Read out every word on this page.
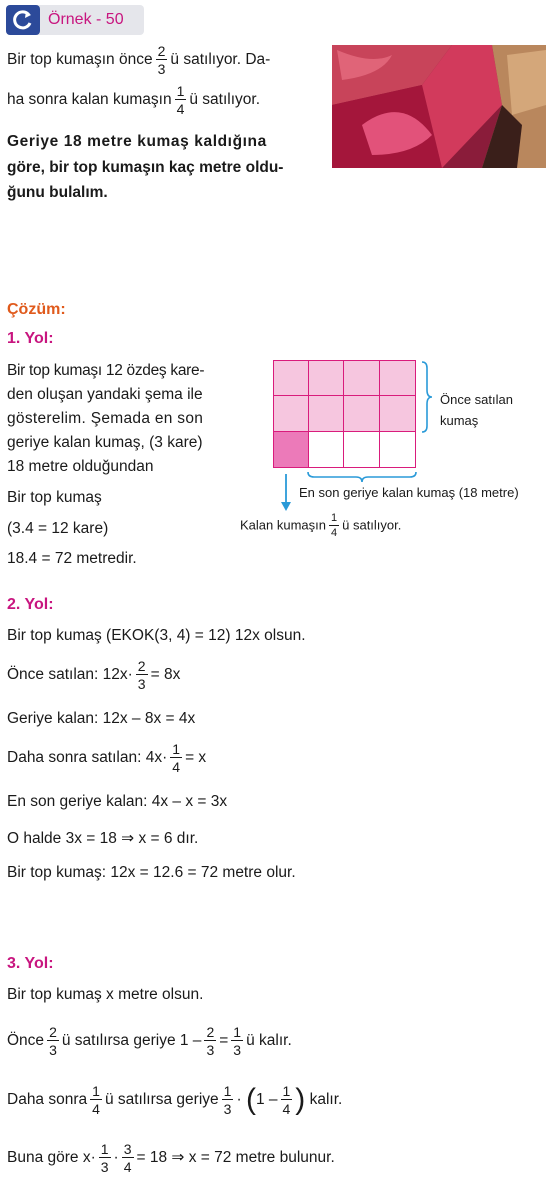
Örnek - 50
Bir top kumaşın önce $\frac{2}{3}$ ü satılıyor. Da-
ha sonra kalan kumaşın $\frac{1}{4}$ ü satılıyor.
Geriye 18 metre kumaş kaldığına
göre, bir top kumaşın kaç metre oldu-
ğunu bulalım.
Çözüm:
1. Yol:
Bir top kumaşı 12 özdeş kare-
den oluşan yandaki şema ile
gösterelim. Şemada en son
geriye kalan kumaş, (3 kare)
18 metre olduğundan
Bir top kumaş
(3.4 = 12 kare)
18.4 = 72 metredir.
Önce satılan
kumaş
En son geriye kalan kumaş (18 metre)
Kalan kumaşın $\frac{1}{4}$ ü satılıyor.
2. Yol:
Bir top kumaş (EKOK(3, 4) = 12) 12x olsun.
Önce satılan: $12x\cdot \frac{2}{3} = 8x$
Geriye kalan: 12x – 8x = 4x
Daha sonra satılan: $4x\cdot \frac{1}{4} = x$
En son geriye kalan: 4x – x = 3x
O halde 3x = 18 ⇒ x = 6 dır.
Bir top kumaş: 12x = 12.6 = 72 metre olur.
3. Yol:
Bir top kumaş x metre olsun.
Önce $\frac{2}{3}$ ü satılırsa geriye $1 - \frac{2}{3} = \frac{1}{3}$ ü kalır.
Daha sonra $\frac{1}{4}$ ü satılırsa geriye $\frac{1}{3} \cdot (1 - \frac{1}{4}$ ) kalır.
Buna göre $x\cdot \frac{1}{3} \cdot \frac{3}{4} = 18$ ⇒ x = 72 metre bulunur.
